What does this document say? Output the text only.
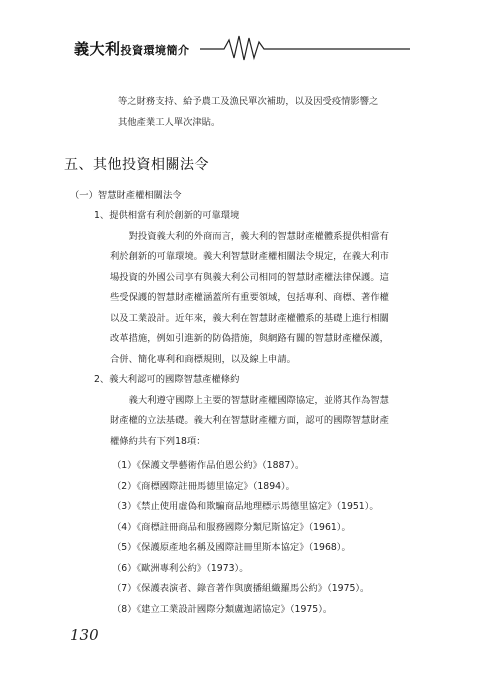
義大利投資環境簡介
等之財務支持、給予農工及漁民單次補助，以及因受疫情影響之
其他產業工人單次津貼。
五、其他投資相關法令
（一）智慧財產權相關法令
1、提供相當有利於創新的可靠環境
對投資義大利的外商而言，義大利的智慧財產權體系提供相當有
利於創新的可靠環境。義大利智慧財產權相關法令規定，在義大利市
場投資的外國公司享有與義大利公司相同的智慧財產權法律保護。這
些受保護的智慧財產權涵蓋所有重要領域，包括專利、商標、著作權
以及工業設計。近年來，義大利在智慧財產權體系的基礎上進行相關
改革措施，例如引進新的防偽措施，與網路有關的智慧財產權保護，
合併、簡化專利和商標規則，以及線上申請。
2、義大利認可的國際智慧產權條約
義大利遵守國際上主要的智慧財產權國際協定，並將其作為智慧
財產權的立法基礎。義大利在智慧財產權方面，認可的國際智慧財產
權條約共有下列18項：
（1）《保護文學藝術作品伯恩公約》（1887）。
（2）《商標國際註冊馬德里協定》（1894）。
（3）《禁止使用虛偽和欺騙商品地理標示馬德里協定》（1951）。
（4）《商標註冊商品和服務國際分類尼斯協定》（1961）。
（5）《保護原產地名稱及國際註冊里斯本協定》（1968）。
（6）《歐洲專利公約》（1973）。
（7）《保護表演者、錄音著作與廣播組織羅馬公約》（1975）。
（8）《建立工業設計國際分類盧迦諾協定》（1975）。
130
